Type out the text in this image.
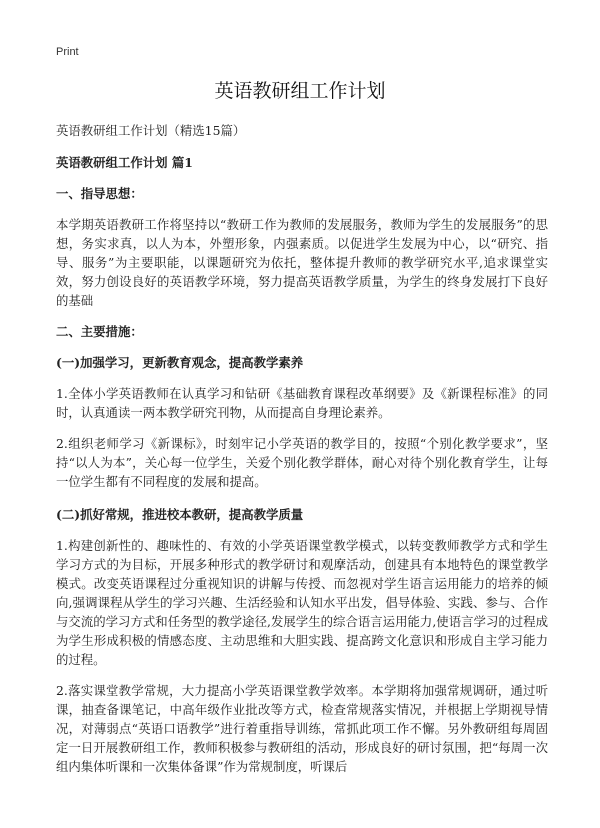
Print
英语教研组工作计划
英语教研组工作计划（精选15篇）
英语教研组工作计划 篇1
一、指导思想：
本学期英语教研工作将坚持以“教研工作为教师的发展服务，教师为学生的发展服务”的思想，务实求真，以人为本，外塑形象，内强素质。以促进学生发展为中心，以“研究、指导、服务”为主要职能，以课题研究为依托，整体提升教师的教学研究水平,追求课堂实效，努力创设良好的英语教学环境，努力提高英语教学质量，为学生的终身发展打下良好的基础
二、主要措施：
(一)加强学习，更新教育观念，提高教学素养
1.全体小学英语教师在认真学习和钻研《基础教育课程改革纲要》及《新课程标准》的同时，认真通读一两本教学研究刊物，从而提高自身理论素养。
2.组织老师学习《新课标》，时刻牢记小学英语的教学目的，按照“个别化教学要求”，坚持“以人为本”，关心每一位学生，关爱个别化教学群体，耐心对待个别化教育学生，让每一位学生都有不同程度的发展和提高。
(二)抓好常规，推进校本教研，提高教学质量
1.构建创新性的、趣味性的、有效的小学英语课堂教学模式，以转变教师教学方式和学生学习方式的为目标，开展多种形式的教学研讨和观摩活动，创建具有本地特色的课堂教学模式。改变英语课程过分重视知识的讲解与传授、而忽视对学生语言运用能力的培养的倾向,强调课程从学生的学习兴趣、生活经验和认知水平出发，倡导体验、实践、参与、合作与交流的学习方式和任务型的教学途径,发展学生的综合语言运用能力,使语言学习的过程成为学生形成积极的情感态度、主动思维和大胆实践、提高跨文化意识和形成自主学习能力的过程。
2.落实课堂教学常规，大力提高小学英语课堂教学效率。本学期将加强常规调研，通过听课，抽查备课笔记，中高年级作业批改等方式，检查常规落实情况，并根据上学期视导情况，对薄弱点“英语口语教学”进行着重指导训练，常抓此项工作不懈。另外教研组每周固定一日开展教研组工作，教师积极参与教研组的活动，形成良好的研讨氛围，把“每周一次组内集体听课和一次集体备课”作为常规制度，听课后
